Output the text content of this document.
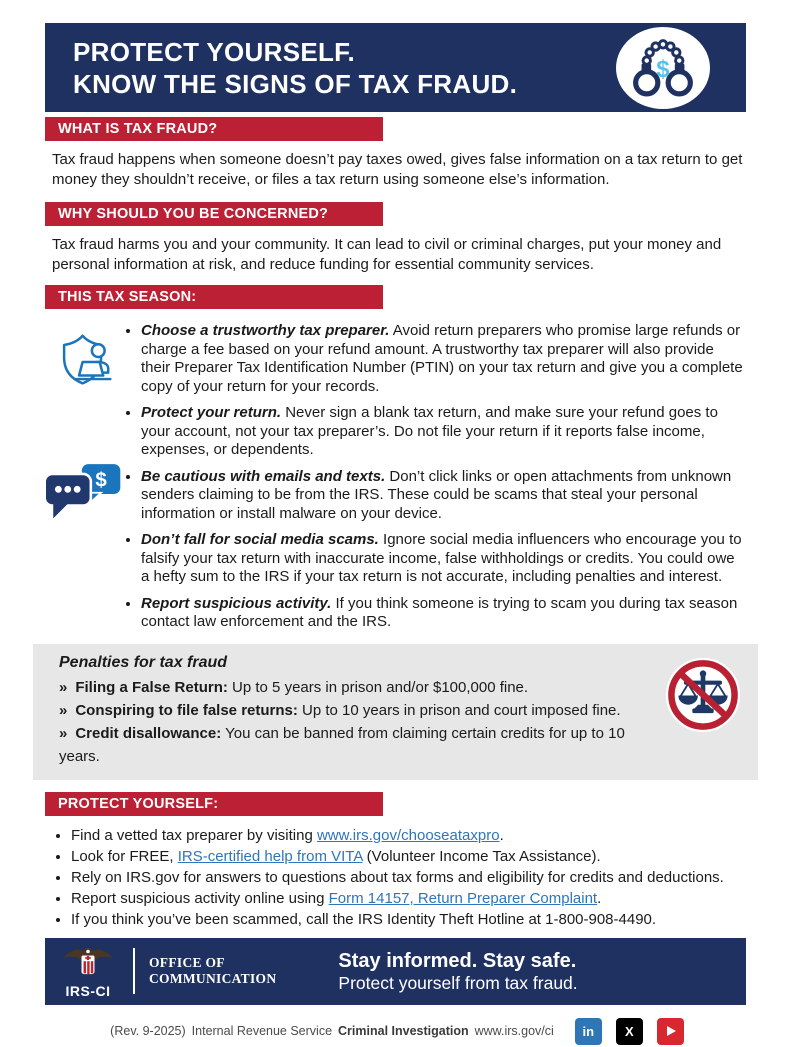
PROTECT YOURSELF.
KNOW THE SIGNS OF TAX FRAUD.	$
WHAT IS TAX FRAUD?

Tax fraud happens when someone doesn’t pay taxes owed, gives false information on a tax return to get money they shouldn’t receive, or files a tax return using someone else’s information.

WHY SHOULD YOU BE CONCERNED?

Tax fraud harms you and your community. It can lead to civil or criminal charges, put your money and personal information at risk, and reduce funding for essential community services.

THIS TAX SEASON:
$
• Choose a trustworthy tax preparer. Avoid return preparers who promise large refunds or charge a fee based on your refund amount. A trustworthy tax preparer will also provide their Preparer Tax Identification Number (PTIN) on your tax return and give you a complete copy of your return for your records.
• Protect your return. Never sign a blank tax return, and make sure your refund goes to your account, not your tax preparer’s. Do not file your return if it reports false income, expenses, or dependents.
• Be cautious with emails and texts. Don’t click links or open attachments from unknown senders claiming to be from the IRS. These could be scams that steal your personal information or install malware on your device.
• Don’t fall for social media scams. Ignore social media influencers who encourage you to falsify your tax return with inaccurate income, false withholdings or credits. You could owe a hefty sum to the IRS if your tax return is not accurate, including penalties and interest.
• Report suspicious activity. If you think someone is trying to scam you during tax season contact law enforcement and the IRS.
Penalties for tax fraud
» Filing a False Return: Up to 5 years in prison and/or $100,000 fine.
» Conspiring to file false returns: Up to 10 years in prison and court imposed fine.
» Credit disallowance: You can be banned from claiming certain credits for up to 10 years.
PROTECT YOURSELF:
• Find a vetted tax preparer by visiting www.irs.gov/chooseataxpro.
• Look for FREE, IRS-certified help from VITA (Volunteer Income Tax Assistance).
• Rely on IRS.gov for answers to questions about tax forms and eligibility for credits and deductions.
• Report suspicious activity online using Form 14157, Return Preparer Complaint.
• If you think you’ve been scammed, call the IRS Identity Theft Hotline at 1-800-908-4490.
IRS-CI
OFFICE OF
COMMUNICATION
Stay informed. Stay safe.
Protect yourself from tax fraud.
(Rev. 9-2025) Internal Revenue Service Criminal Investigation www.irs.gov/ci	in	X
